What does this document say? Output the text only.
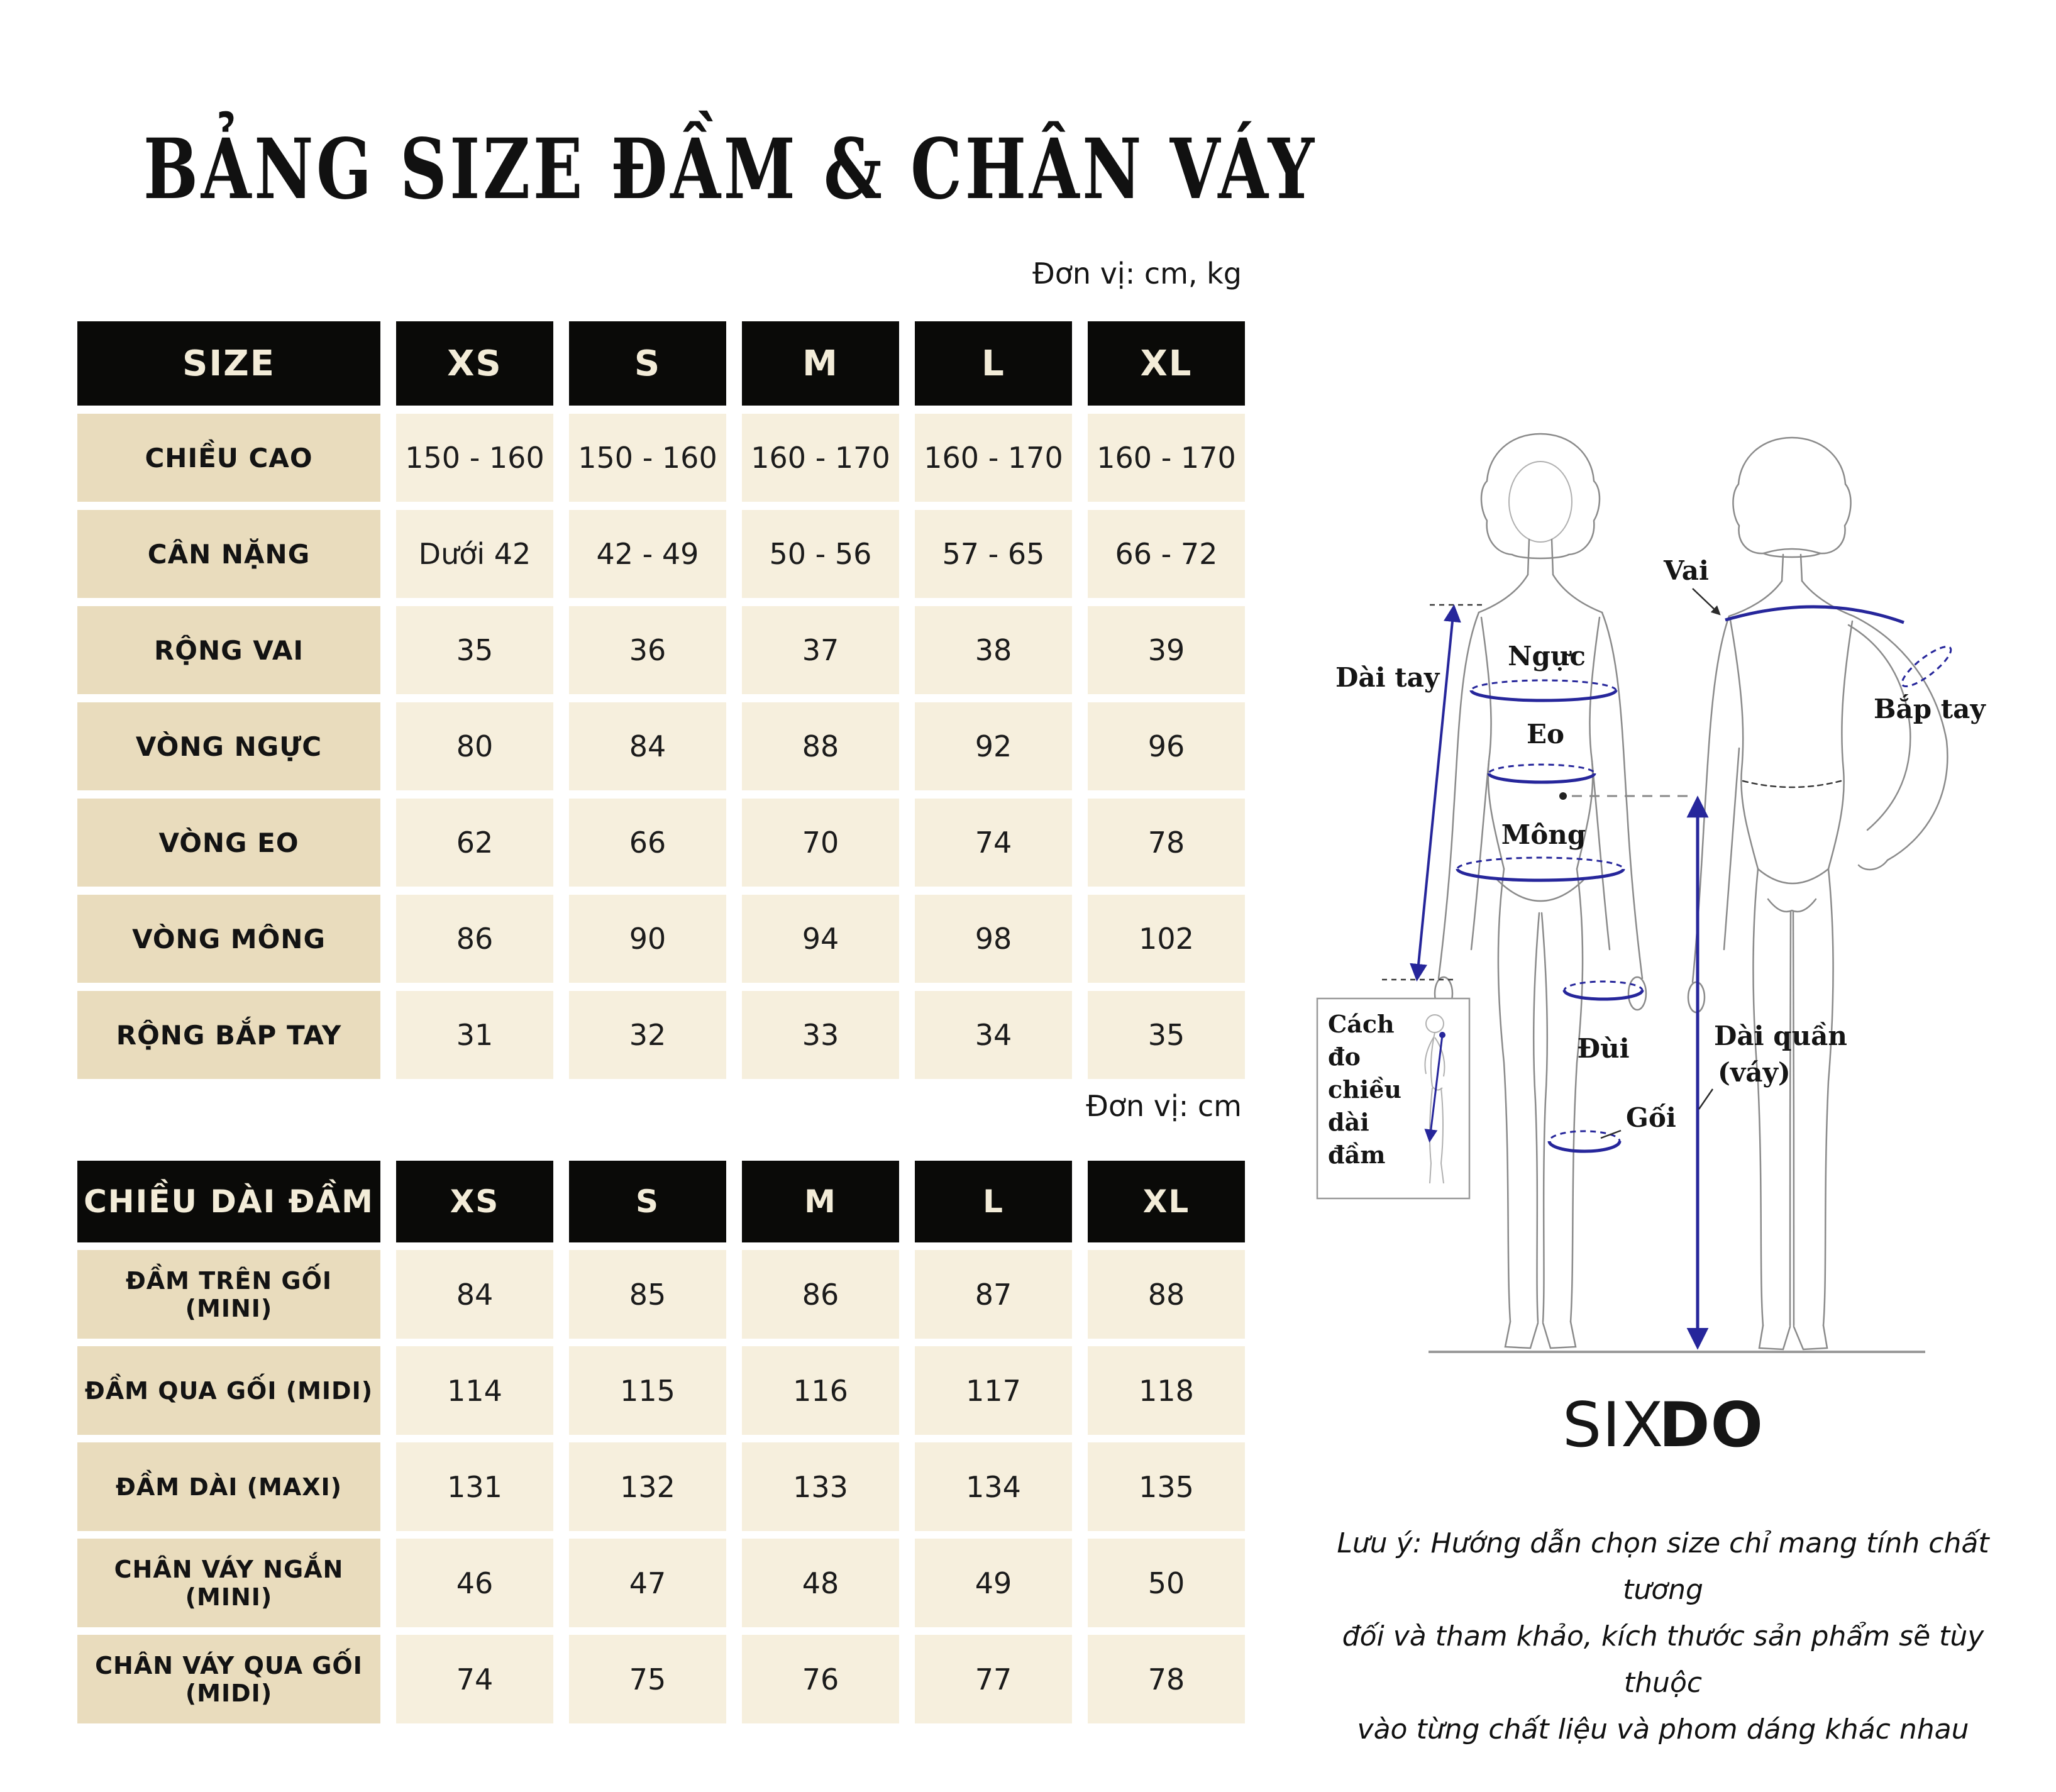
BẢNG SIZE ĐẦM & CHÂN VÁY
Đơn vị: cm, kg
SIZE	XS	S	M	L	XL
CHIỀU CAO	150 - 160	150 - 160	160 - 170	160 - 170	160 - 170
CÂN NẶNG	Dưới 42	42 - 49	50 - 56	57 - 65	66 - 72
RỘNG VAI	35	36	37	38	39
VÒNG NGỰC	80	84	88	92	96
VÒNG EO	62	66	70	74	78
VÒNG MÔNG	86	90	94	98	102
RỘNG BẮP TAY	31	32	33	34	35
Đơn vị: cm
CHIỀU DÀI ĐẦM	XS	S	M	L	XL
ĐẦM TRÊN GỐI (MINI)	84	85	86	87	88
ĐẦM QUA GỐI (MIDI)	114	115	116	117	118
ĐẦM DÀI (MAXI)	131	132	133	134	135
CHÂN VÁY NGẮN (MINI)	46	47	48	49	50
CHÂN VÁY QUA GỐI (MIDI)	74	75	76	77	78
Vai
Dài tay
Ngực
Eo
Mông
Bắp tay
Đùi
Gối
Dài quần
(váy)
Cách
đo
chiều
dài
đầm
SIXDO
Lưu ý: Hướng dẫn chọn size chỉ mang tính chất tương
đối và tham khảo, kích thước sản phẩm sẽ tùy thuộc
vào từng chất liệu và phom dáng khác nhau
